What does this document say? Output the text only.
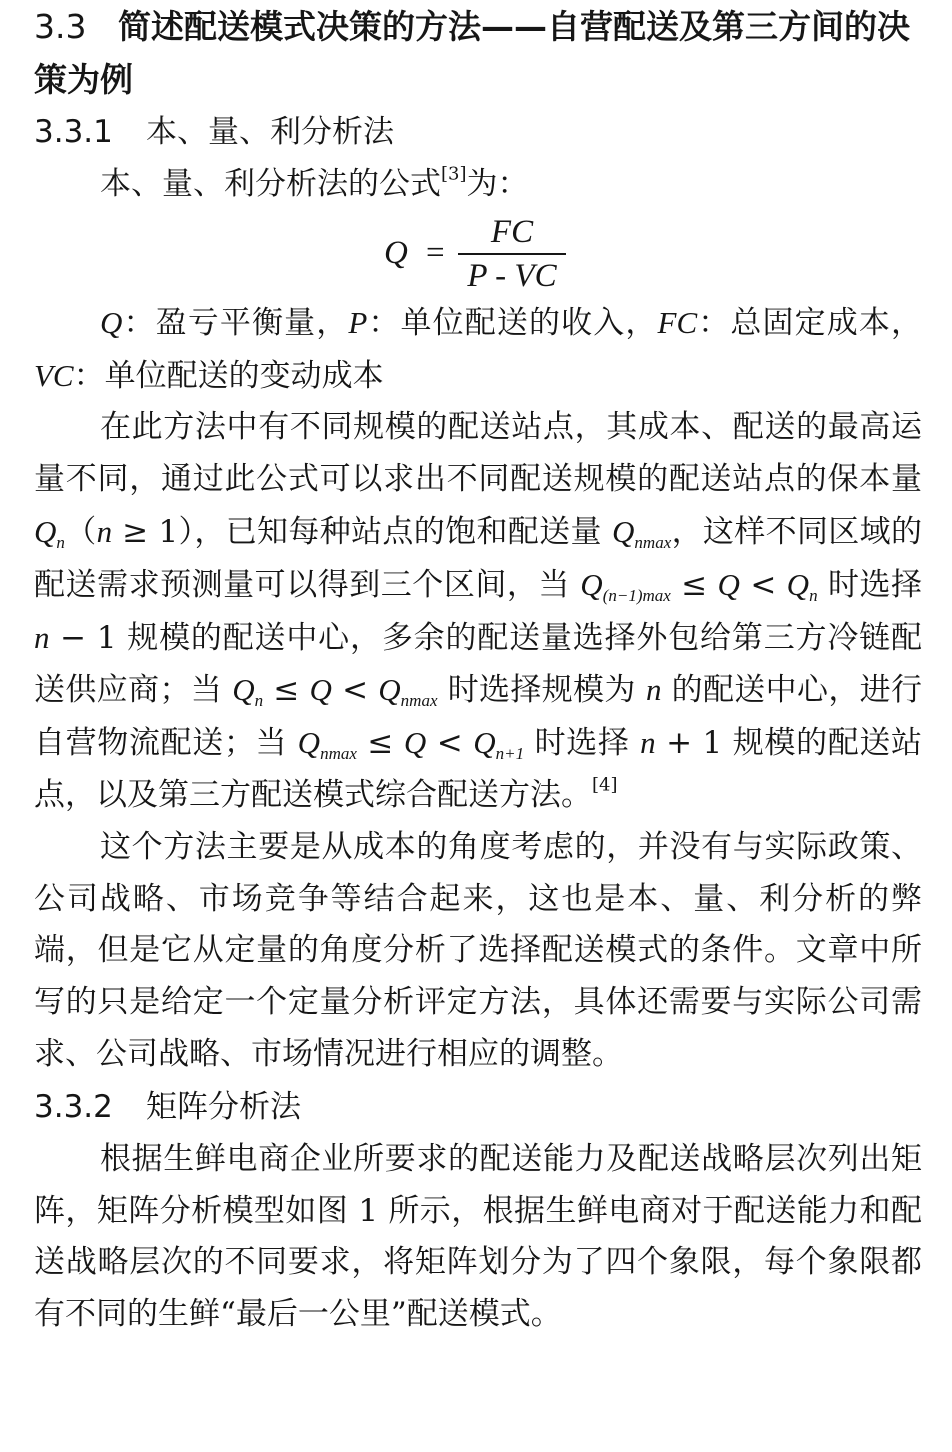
3.3 简述配送模式决策的方法——自营配送及第三方间的决策为例
3.3.1 本、量、利分析法

本、量、利分析法的公式[3]为：

Q =
FC
P - VC

Q：盈亏平衡量，P：单位配送的收入，FC：总固定成本，VC：单位配送的变动成本

在此方法中有不同规模的配送站点，其成本、配送的最高运量不同，通过此公式可以求出不同配送规模的配送站点的保本量 $Q_n(n \ge 1)$，已知每种站点的饱和配送量 $Q_{nmax}$，这样不同区域的配送需求预测量可以得到三个区间，当 $Q_{(n-1)max} \le Q < Q_n$ 时选择 n − 1 规模的配送中心，多余的配送量选择外包给第三方冷链配送供应商；当 $Q_n \le Q < Q_{nmax}$ 时选择规模为 n 的配送中心，进行自营物流配送；当 $Q_{nmax} \le Q < Q_{n+1}$ 时选择 n + 1 规模的配送站点，以及第三方配送模式综合配送方法。[4]

这个方法主要是从成本的角度考虑的，并没有与实际政策、公司战略、市场竞争等结合起来，这也是本、量、利分析的弊端，但是它从定量的角度分析了选择配送模式的条件。文章中所写的只是给定一个定量分析评定方法，具体还需要与实际公司需求、公司战略、市场情况进行相应的调整。

3.3.2 矩阵分析法

根据生鲜电商企业所要求的配送能力及配送战略层次列出矩阵，矩阵分析模型如图 1 所示，根据生鲜电商对于配送能力和配送战略层次的不同要求，将矩阵划分为了四个象限，每个象限都有不同的生鲜“最后一公里”配送模式。
